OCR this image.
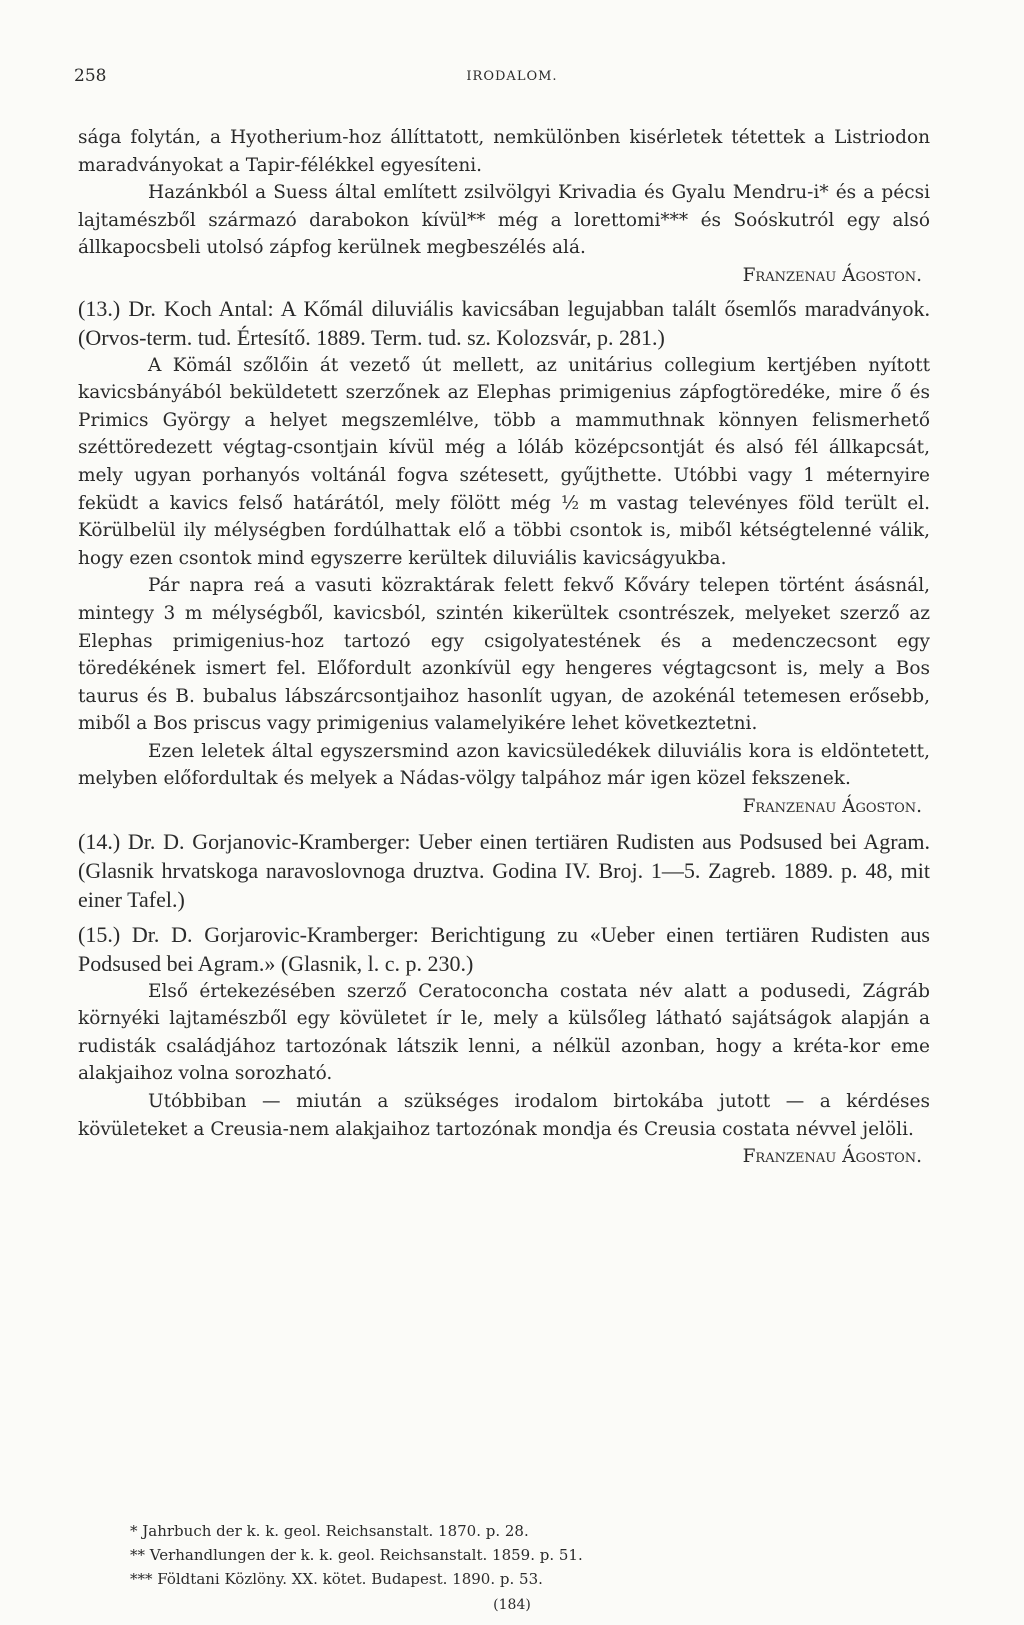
258	IRODALOM.

sága folytán, a Hyotherium-hoz állíttatott, nemkülönben kisérletek tétettek a Listriodon maradványokat a Tapir-félékkel egyesíteni.

Hazánkból a Suess által említett zsilvölgyi Krivadia és Gyalu Mendru-i* és a pécsi lajtamészből származó darabokon kívül** még a lorettomi*** és Soóskutról egy alsó állkapocsbeli utolsó zápfog kerülnek megbeszélés alá.

Franzenau Ágoston.

(13.) Dr. Koch Antal: A Kőmál diluviális kavicsában legujabban talált ősemlős maradványok. (Orvos-term. tud. Értesítő. 1889. Term. tud. sz. Kolozsvár, p. 281.)

A Kömál szőlőin át vezető út mellett, az unitárius collegium kertjében nyított kavicsbányából beküldetett szerzőnek az Elephas primigenius zápfogtöredéke, mire ő és Primics György a helyet megszemlélve, több a mammuthnak könnyen felismerhető széttöredezett végtag-csontjain kívül még a lóláb középcsontját és alsó fél állkapcsát, mely ugyan porhanyós voltánál fogva szétesett, gyűjthette. Utóbbi vagy 1 méternyire feküdt a kavics felső határától, mely fölött még ½ m vastag televényes föld terült el. Körülbelül ily mélységben fordúlhattak elő a többi csontok is, miből kétségtelenné válik, hogy ezen csontok mind egyszerre kerültek diluviális kavicságyukba.

Pár napra reá a vasuti közraktárak felett fekvő Kőváry telepen történt ásásnál, mintegy 3 m mélységből, kavicsból, szintén kikerültek csontrészek, melyeket szerző az Elephas primigenius-hoz tartozó egy csigolyatestének és a medenczecsont egy töredékének ismert fel. Előfordult azonkívül egy hengeres végtagcsont is, mely a Bos taurus és B. bubalus lábszárcsontjaihoz hasonlít ugyan, de azokénál tetemesen erősebb, miből a Bos priscus vagy primigenius valamelyikére lehet következtetni.

Ezen leletek által egyszersmind azon kavicsüledékek diluviális kora is eldöntetett, melyben előfordultak és melyek a Nádas-völgy talpához már igen közel fekszenek.

Franzenau Ágoston.

(14.) Dr. D. Gorjanovic-Kramberger: Ueber einen tertiären Rudisten aus Podsused bei Agram. (Glasnik hrvatskoga naravoslovnoga druztva. Godina IV. Broj. 1—5. Zagreb. 1889. p. 48, mit einer Tafel.)

(15.) Dr. D. Gorjarovic-Kramberger: Berichtigung zu «Ueber einen tertiären Rudisten aus Podsused bei Agram.» (Glasnik, l. c. p. 230.)

Első értekezésében szerző Ceratoconcha costata név alatt a podusedi, Zágráb környéki lajtamészből egy kövületet ír le, mely a külsőleg látható sajátságok alapján a rudisták családjához tartozónak látszik lenni, a nélkül azonban, hogy a kréta-kor eme alakjaihoz volna sorozható.

Utóbbiban — miután a szükséges irodalom birtokába jutott — a kérdéses kövületeket a Creusia-nem alakjaihoz tartozónak mondja és Creusia costata névvel jelöli.

Franzenau Ágoston.

* Jahrbuch der k. k. geol. Reichsanstalt. 1870. p. 28.
** Verhandlungen der k. k. geol. Reichsanstalt. 1859. p. 51.
*** Földtani Közlöny. XX. kötet. Budapest. 1890. p. 53.
(184)
